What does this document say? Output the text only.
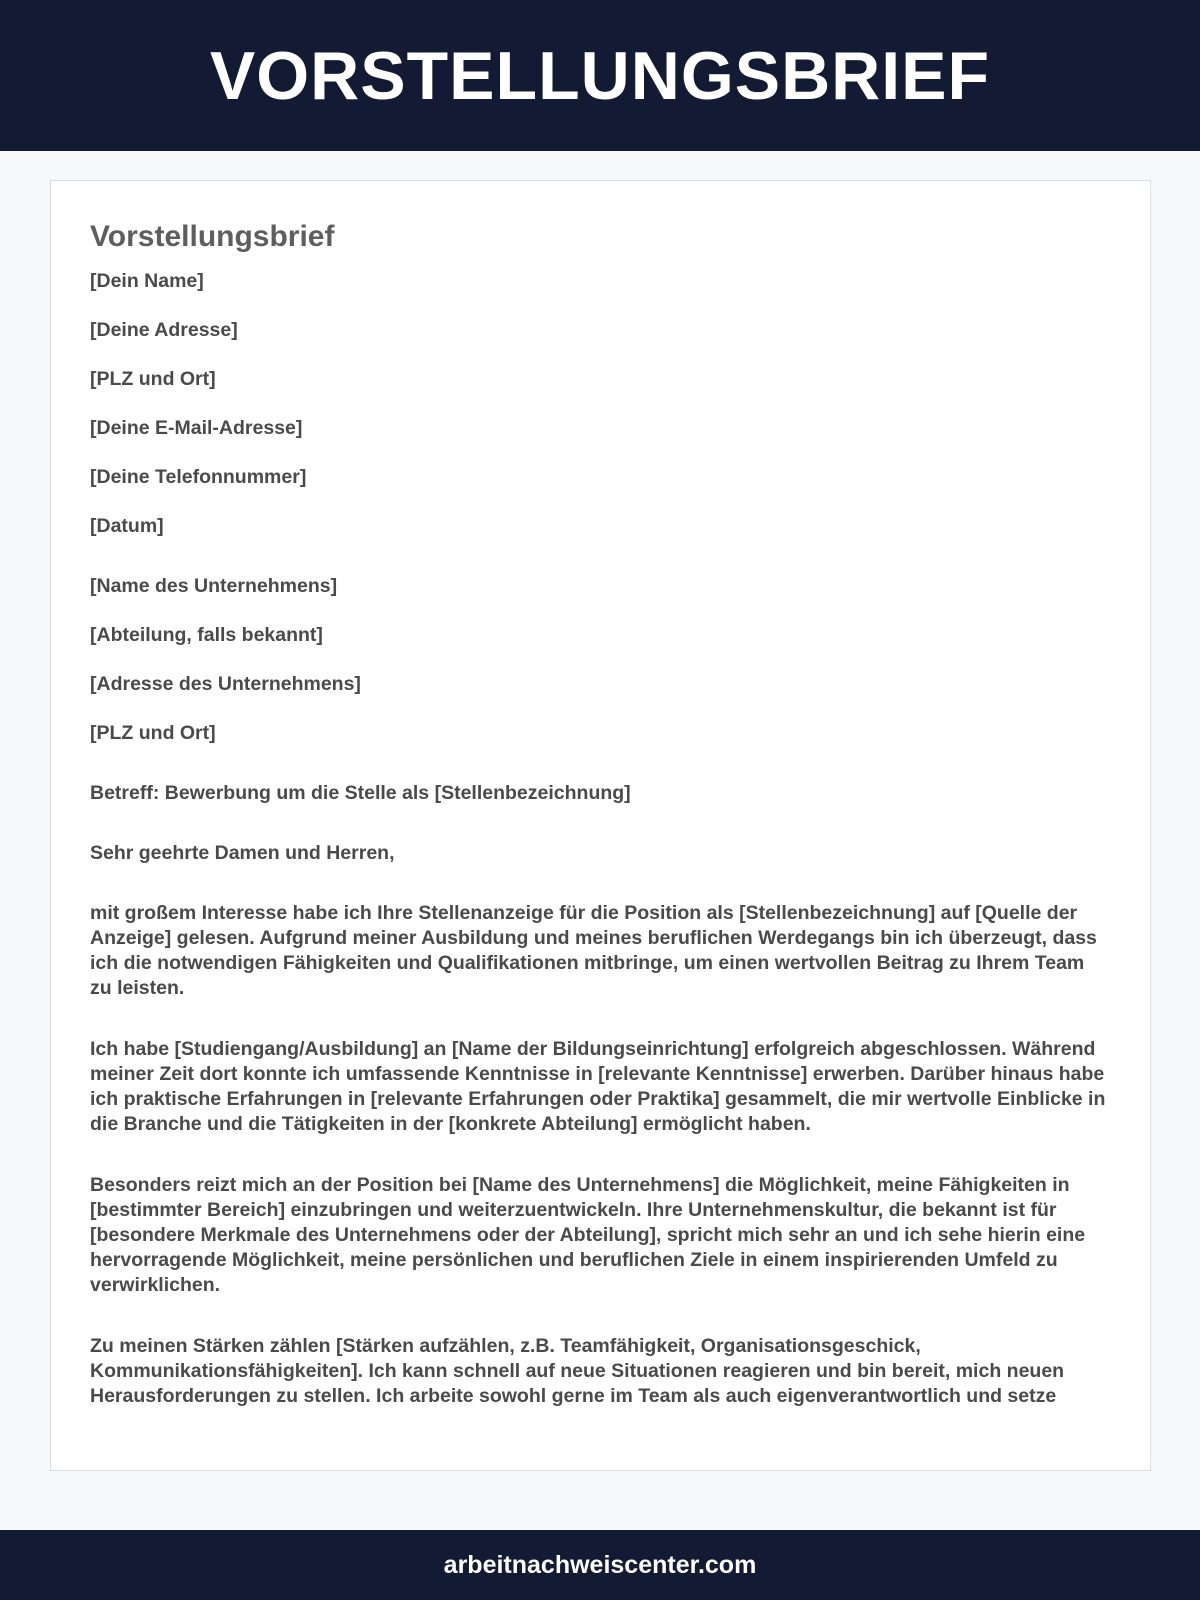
VORSTELLUNGSBRIEF
Vorstellungsbrief
[Dein Name]
[Deine Adresse]
[PLZ und Ort]
[Deine E-Mail-Adresse]
[Deine Telefonnummer]
[Datum]
[Name des Unternehmens]
[Abteilung, falls bekannt]
[Adresse des Unternehmens]
[PLZ und Ort]
Betreff: Bewerbung um die Stelle als [Stellenbezeichnung]
Sehr geehrte Damen und Herren,

mit großem Interesse habe ich Ihre Stellenanzeige für die Position als [Stellenbezeichnung] auf [Quelle der Anzeige] gelesen. Aufgrund meiner Ausbildung und meines beruflichen Werdegangs bin ich überzeugt, dass ich die notwendigen Fähigkeiten und Qualifikationen mitbringe, um einen wertvollen Beitrag zu Ihrem Team zu leisten.

Ich habe [Studiengang/Ausbildung] an [Name der Bildungseinrichtung] erfolgreich abgeschlossen. Während meiner Zeit dort konnte ich umfassende Kenntnisse in [relevante Kenntnisse] erwerben. Darüber hinaus habe ich praktische Erfahrungen in [relevante Erfahrungen oder Praktika] gesammelt, die mir wertvolle Einblicke in die Branche und die Tätigkeiten in der [konkrete Abteilung] ermöglicht haben.

Besonders reizt mich an der Position bei [Name des Unternehmens] die Möglichkeit, meine Fähigkeiten in [bestimmter Bereich] einzubringen und weiterzuentwickeln. Ihre Unternehmenskultur, die bekannt ist für [besondere Merkmale des Unternehmens oder der Abteilung], spricht mich sehr an und ich sehe hierin eine hervorragende Möglichkeit, meine persönlichen und beruflichen Ziele in einem inspirierenden Umfeld zu verwirklichen.

Zu meinen Stärken zählen [Stärken aufzählen, z.B. Teamfähigkeit, Organisationsgeschick, Kommunikationsfähigkeiten]. Ich kann schnell auf neue Situationen reagieren und bin bereit, mich neuen Herausforderungen zu stellen. Ich arbeite sowohl gerne im Team als auch eigenverantwortlich und setze

arbeitnachweiscenter.com
